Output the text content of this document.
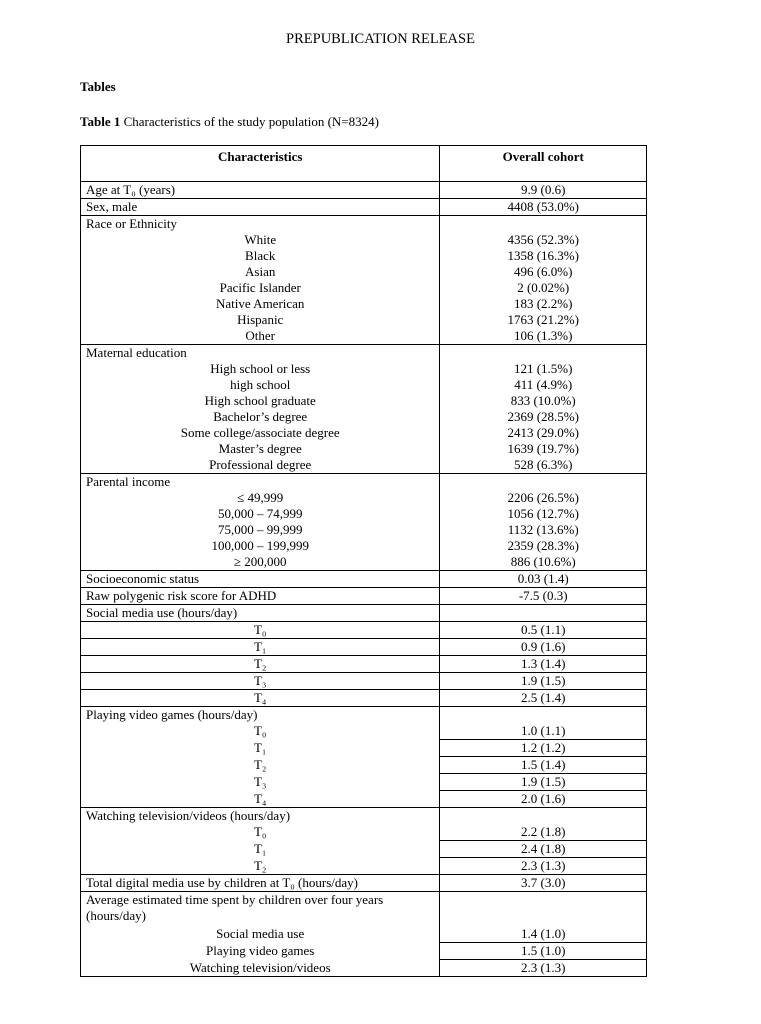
PREPUBLICATION RELEASE
Tables
Table 1 Characteristics of the study population (N=8324)
Characteristics	Overall cohort
Age at T₀ (years)	9.9 (0.6)
Sex, male	4408 (53.0%)
Race or Ethnicity	
White	4356 (52.3%)
Black	1358 (16.3%)
Asian	496 (6.0%)
Pacific Islander	2 (0.02%)
Native American	183 (2.2%)
Hispanic	1763 (21.2%)
Other	106 (1.3%)
Maternal education	
High school or less	121 (1.5%)
high school	411 (4.9%)
High school graduate	833 (10.0%)
Bachelor’s degree	2369 (28.5%)
Some college/associate degree	2413 (29.0%)
Master’s degree	1639 (19.7%)
Professional degree	528 (6.3%)
Parental income	
≤ 49,999	2206 (26.5%)
50,000 – 74,999	1056 (12.7%)
75,000 – 99,999	1132 (13.6%)
100,000 – 199,999	2359 (28.3%)
≥ 200,000	886 (10.6%)
Socioeconomic status	0.03 (1.4)
Raw polygenic risk score for ADHD	-7.5 (0.3)
Social media use (hours/day)	
T₀	0.5 (1.1)
T₁	0.9 (1.6)
T₂	1.3 (1.4)
T₃	1.9 (1.5)
T₄	2.5 (1.4)
Playing video games (hours/day)	
T₀	1.0 (1.1)
T₁	1.2 (1.2)
T₂	1.5 (1.4)
T₃	1.9 (1.5)
T₄	2.0 (1.6)
Watching television/videos (hours/day)	
T₀	2.2 (1.8)
T₁	2.4 (1.8)
T₂	2.3 (1.3)
Total digital media use by children at T₀ (hours/day)	3.7 (3.0)
Average estimated time spent by children over four years (hours/day)	
Social media use	1.4 (1.0)
Playing video games	1.5 (1.0)
Watching television/videos	2.3 (1.3)
